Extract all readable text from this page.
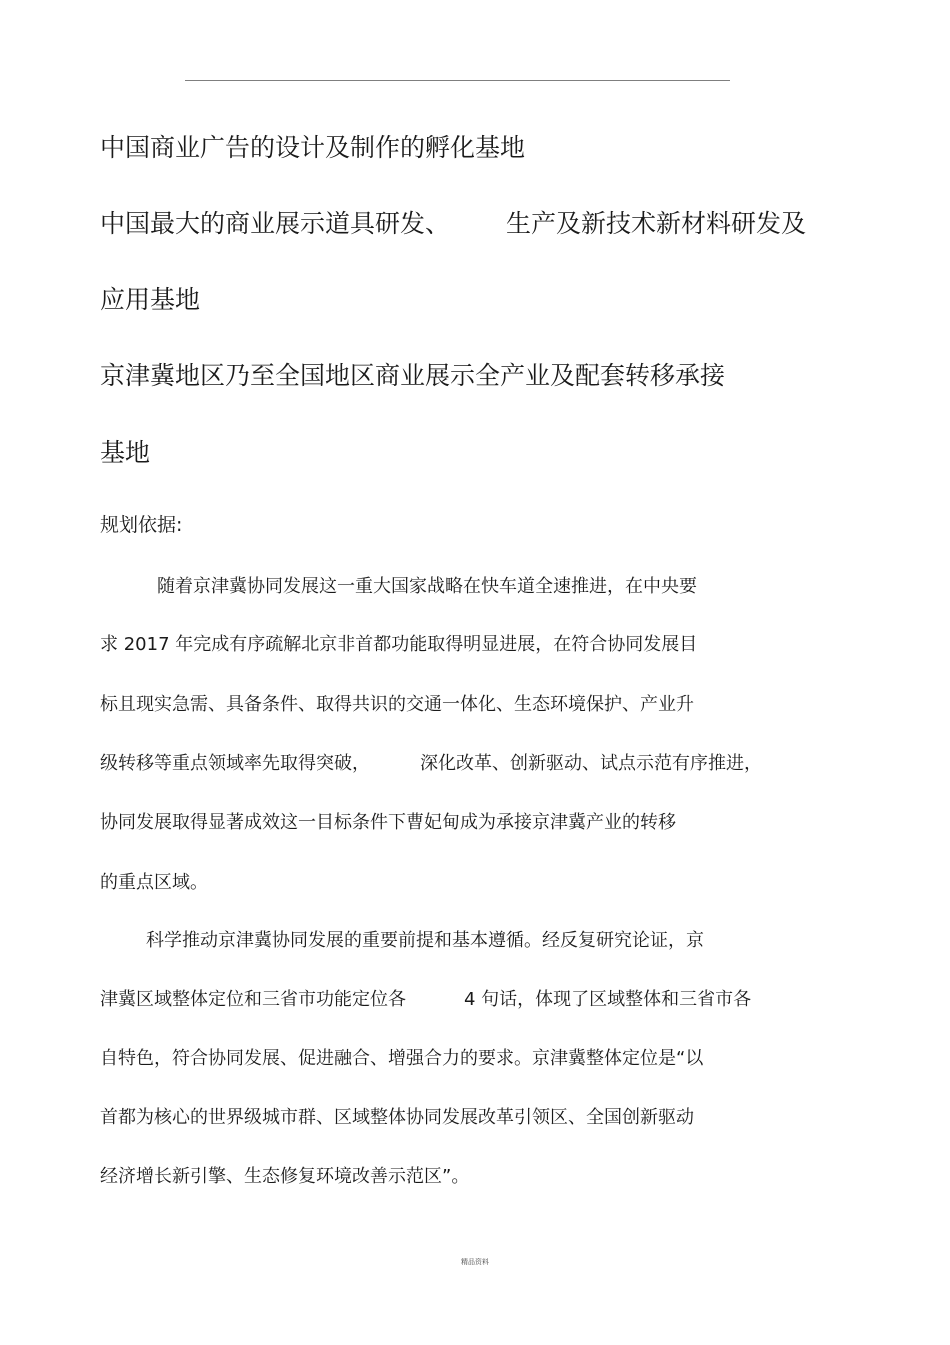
中国商业广告的设计及制作的孵化基地
中国最大的商业展示道具研发、 生产及新技术新材料研发及
应用基地
京津冀地区乃至全国地区商业展示全产业及配套转移承接
基地
规划依据:
随着京津冀协同发展这一重大国家战略在快车道全速推进，在中央要
求 2017 年完成有序疏解北京非首都功能取得明显进展，在符合协同发展目
标且现实急需、具备条件、取得共识的交通一体化、生态环境保护、产业升
级转移等重点领域率先取得突破，	深化改革、创新驱动、试点示范有序推进，
协同发展取得显著成效这一目标条件下曹妃甸成为承接京津冀产业的转移
的重点区域。
科学推动京津冀协同发展的重要前提和基本遵循。经反复研究论证，京
津冀区域整体定位和三省市功能定位各	4 句话，体现了区域整体和三省市各
自特色，符合协同发展、促进融合、增强合力的要求。京津冀整体定位是“以
首都为核心的世界级城市群、区域整体协同发展改革引领区、全国创新驱动
经济增长新引擎、生态修复环境改善示范区”。
精品资料
